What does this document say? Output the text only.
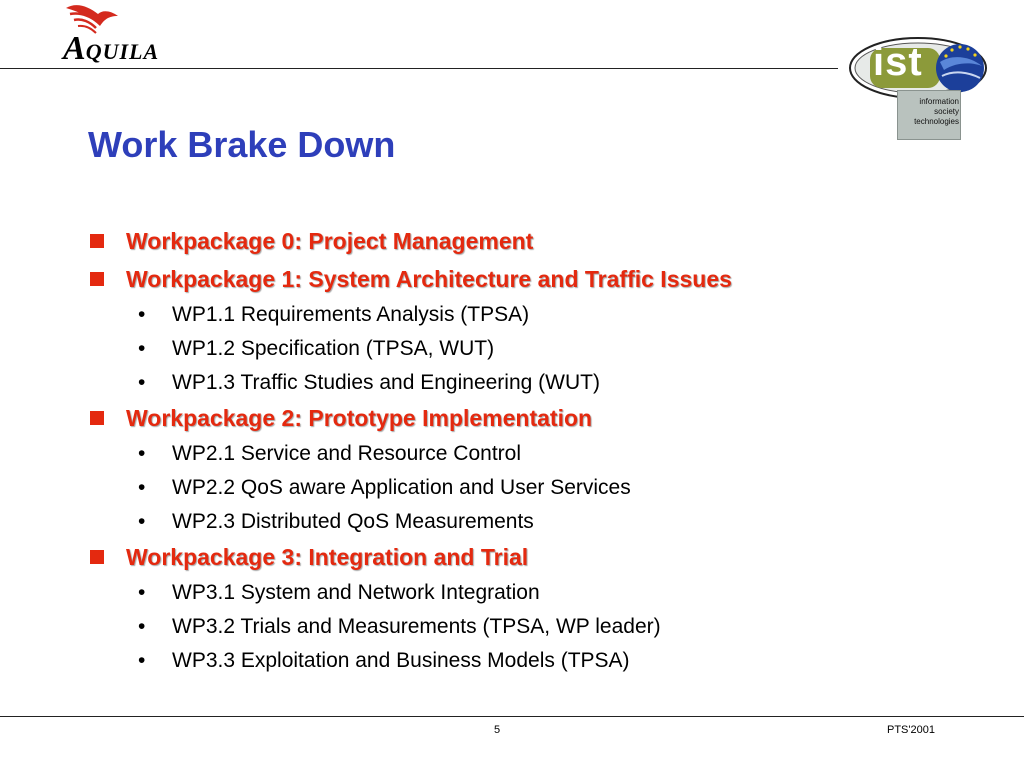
AQUILA	ist
information
society
technologies
Work Brake Down
Workpackage 0: Project Management
Workpackage 1: System Architecture and Traffic Issues
• WP1.1 Requirements Analysis (TPSA)
• WP1.2 Specification (TPSA, WUT)
• WP1.3 Traffic Studies and Engineering (WUT)
Workpackage 2: Prototype Implementation
• WP2.1 Service and Resource Control
• WP2.2 QoS aware Application and User Services
• WP2.3 Distributed QoS Measurements
Workpackage 3: Integration and Trial
• WP3.1 System and Network Integration
• WP3.2 Trials and Measurements (TPSA, WP leader)
• WP3.3 Exploitation and Business Models (TPSA)
5	PTS'2001
